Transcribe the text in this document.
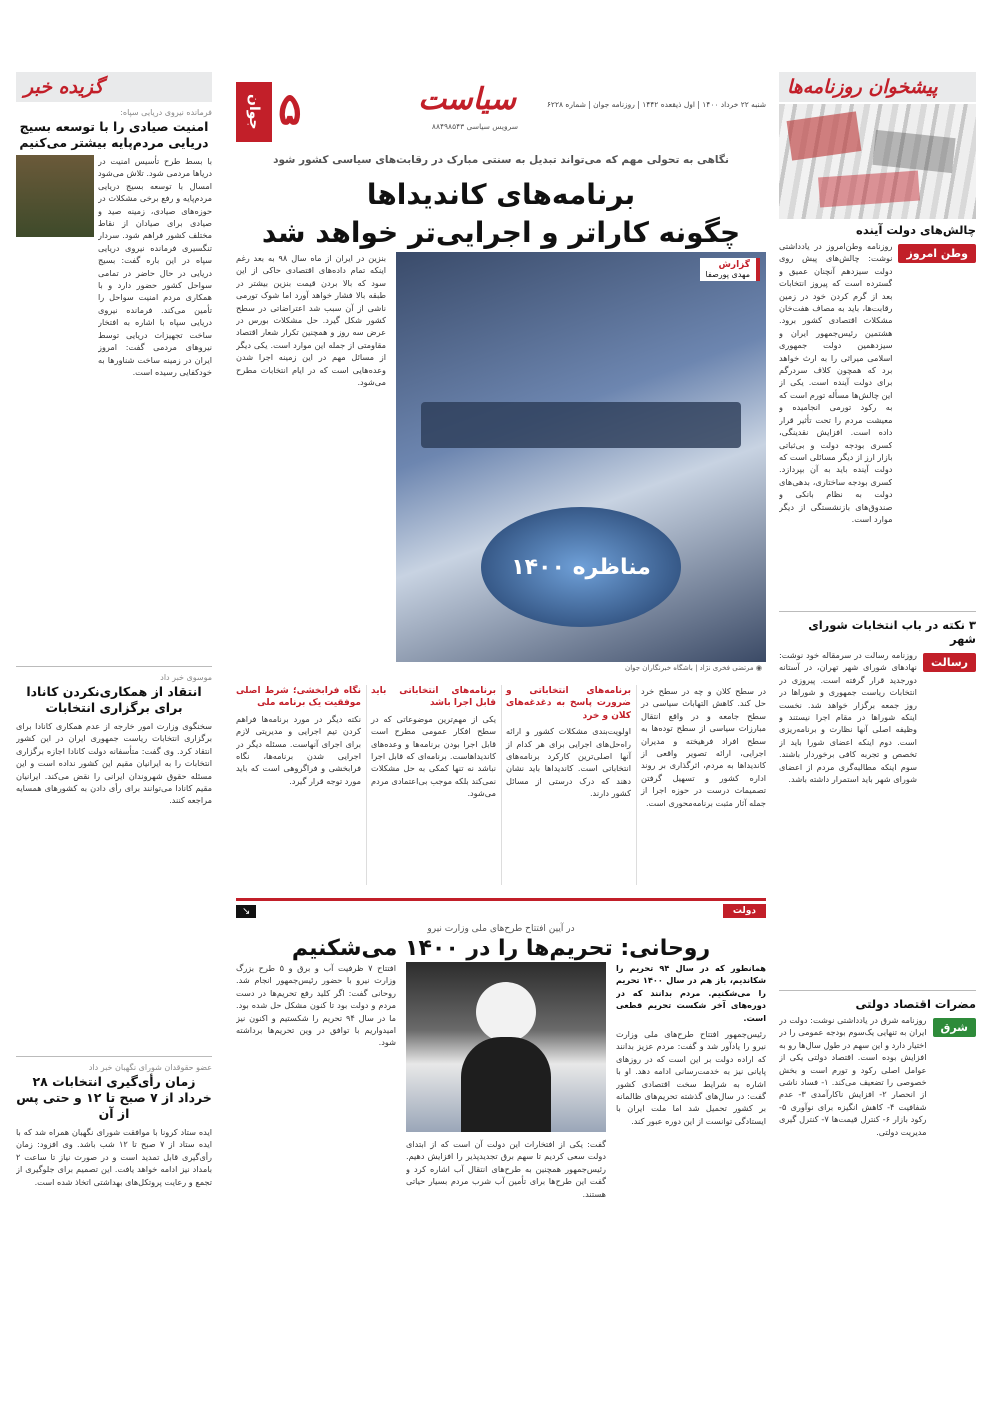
پیشخوان روزنامه‌ها
چالش‌های دولت آینده
وطن امروز
روزنامه وطن‌امروز در یادداشتی نوشت: چالش‌های پیش روی دولت سیزدهم آنچنان عمیق و گسترده است که پیروز انتخابات بعد از گرم کردن خود در زمین رقابت‌ها، باید به مصاف هفت‌خان مشکلات اقتصادی کشور برود. هشتمین رئیس‌جمهور ایران و سیزدهمین دولت جمهوری اسلامی میراثی را به ارث خواهد برد که همچون کلاف سردرگم برای دولت آینده است. یکی از این چالش‌ها مسأله تورم است که به رکود تورمی انجامیده و معیشت مردم را تحت تأثیر قرار داده است. افزایش نقدینگی، کسری بودجه دولت و بی‌ثباتی بازار ارز از دیگر مسائلی است که دولت آینده باید به آن بپردازد. کسری بودجه ساختاری، بدهی‌های دولت به نظام بانکی و صندوق‌های بازنشستگی از دیگر موارد است.
۳ نکته در باب انتخابات شورای شهر
رسالت
روزنامه رسالت در سرمقاله خود نوشت: نهادهای شورای شهر تهران، در آستانه دورجدید قرار گرفته است. پیروزی در انتخابات ریاست جمهوری و شوراها در روز جمعه برگزار خواهد شد. نخست اینکه شوراها در مقام اجرا نیستند و وظیفه اصلی آنها نظارت و برنامه‌ریزی است. دوم اینکه اعضای شورا باید از تخصص و تجربه کافی برخوردار باشند. سوم اینکه مطالبه‌گری مردم از اعضای شورای شهر باید استمرار داشته باشد.
مضرات اقتصاد دولتی
شرق
روزنامه شرق در یادداشتی نوشت: دولت در ایران به تنهایی یک‌سوم بودجه عمومی را در اختیار دارد و این سهم در طول سال‌ها رو به افزایش بوده است. اقتصاد دولتی یکی از عوامل اصلی رکود و تورم است و بخش خصوصی را تضعیف می‌کند. ۱- فساد ناشی از انحصار ۲- افزایش ناکارآمدی ۳- عدم شفافیت ۴- کاهش انگیزه برای نوآوری ۵- رکود بازار ۶- کنترل قیمت‌ها ۷- کنترل گیری مدیریت دولتی.
شنبه ۲۲ خرداد ۱۴۰۰ | اول ذیقعده ۱۴۴۲ | روزنامه جوان | شماره ۶۲۲۸
سیاست
سرویس سیاسی ۸۸۴۹۸۵۴۳
۵
جوان
نگاهی به تحولی مهم که می‌تواند تبدیل به سنتی مبارک در رقابت‌های سیاسی کشور شود
برنامه‌های کاندیداها
چگونه کاراتر و اجرایی‌تر خواهد شد
گزارش
مهدی پورصفا
مناظره ۱۴۰۰
◉ مرتضی فخری نژاد | باشگاه خبرنگاران جوان
بنزین در ایران از ماه سال ۹۸ به بعد رغم اینکه تمام داده‌های اقتصادی حاکی از این سود که بالا بردن قیمت بنزین بیشتر در طبقه بالا فشار خواهد آورد اما شوک تورمی ناشی از آن سبب شد اعتراضاتی در سطح کشور شکل گیرد. حل مشکلات بورس در عرض سه روز و همچنین تکرار شعار اقتصاد مقاومتی از جمله این موارد است. یکی دیگر از مسائل مهم در این زمینه اجرا شدن وعده‌هایی است که در ایام انتخابات مطرح می‌شود.
در سطح کلان و چه در سطح خرد حل کند. کاهش التهابات سیاسی در سطح جامعه و در واقع انتقال مبارزات سیاسی از سطح توده‌ها به سطح افراد فرهیخته و مدیران اجرایی، ارائه تصویر واقعی از کاندیداها به مردم، اثرگذاری بر روند اداره کشور و تسهیل گرفتن تصمیمات درست در حوزه اجرا از جمله آثار مثبت برنامه‌محوری است.
برنامه‌های انتخاباتی و ضرورت پاسخ به دغدغه‌های کلان و خرد
اولویت‌بندی مشکلات کشور و ارائه راه‌حل‌های اجرایی برای هر کدام از آنها اصلی‌ترین کارکرد برنامه‌های انتخاباتی است. کاندیداها باید نشان دهند که درک درستی از مسائل کشور دارند.
برنامه‌های انتخاباتی باید قابل اجرا باشد
یکی از مهم‌ترین موضوعاتی که در سطح افکار عمومی مطرح است قابل اجرا بودن برنامه‌ها و وعده‌های کاندیداهاست. برنامه‌ای که قابل اجرا نباشد نه تنها کمکی به حل مشکلات نمی‌کند بلکه موجب بی‌اعتمادی مردم می‌شود.
نگاه فرابخشی؛ شرط اصلی موفقیت یک برنامه ملی
نکته دیگر در مورد برنامه‌ها فراهم کردن تیم اجرایی و مدیریتی لازم برای اجرای آنهاست. مسئله دیگر در اجرایی شدن برنامه‌ها، نگاه فرابخشی و فراگروهی است که باید مورد توجه قرار گیرد.
دولت
↘
در آیین افتتاح طرح‌های ملی وزارت نیرو
روحانی: تحریم‌ها را در ۱۴۰۰ می‌شکنیم
همانطور که در سال ۹۴ تحریم را شکاندیم، باز هم در سال ۱۴۰۰ تحریم را می‌شکنیم. مردم بدانند که در دوره‌های آخر شکست تحریم قطعی است.
رئیس‌جمهور افتتاح طرح‌های ملی وزارت نیرو را یادآور شد و گفت: مردم عزیز بدانند که اراده دولت بر این است که در روزهای پایانی نیز به خدمت‌رسانی ادامه دهد. او با اشاره به شرایط سخت اقتصادی کشور گفت: در سال‌های گذشته تحریم‌های ظالمانه بر کشور تحمیل شد اما ملت ایران با ایستادگی توانست از این دوره عبور کند.
گفت: یکی از افتخارات این دولت آن است که از ابتدای دولت سعی کردیم تا سهم برق تجدیدپذیر را افزایش دهیم. رئیس‌جمهور همچنین به طرح‌های انتقال آب اشاره کرد و گفت این طرح‌ها برای تأمین آب شرب مردم بسیار حیاتی هستند.
افتتاح ۷ ظرفیت آب و برق و ۵ طرح بزرگ وزارت نیرو با حضور رئیس‌جمهور انجام شد. روحانی گفت: اگر کلید رفع تحریم‌ها در دست مردم و دولت بود تا کنون مشکل حل شده بود. ما در سال ۹۴ تحریم را شکستیم و اکنون نیز امیدواریم با توافق در وین تحریم‌ها برداشته شود.
گزیده خبر
فرمانده نیروی دریایی سپاه:
امنیت صیادی را با توسعه بسیج دریایی مردم‌پایه بیشتر می‌کنیم
با بسط طرح تأسیس امنیت در دریاها مردمی شود. تلاش می‌شود امسال با توسعه بسیج دریایی مردم‌پایه و رفع برخی مشکلات در حوزه‌های صیادی، زمینه صید و صیادی برای صیادان از نقاط مختلف کشور فراهم شود. سردار تنگسیری فرمانده نیروی دریایی سپاه در این باره گفت: بسیج دریایی در حال حاضر در تمامی سواحل کشور حضور دارد و با همکاری مردم امنیت سواحل را تأمین می‌کند. فرمانده نیروی دریایی سپاه با اشاره به افتخار ساخت تجهیزات دریایی توسط نیروهای مردمی گفت: امروز ایران در زمینه ساخت شناورها به خودکفایی رسیده است.
موسوی خبر داد
انتقاد از همکاری‌نکردن کانادا برای برگزاری انتخابات
سخنگوی وزارت امور خارجه از عدم همکاری کانادا برای برگزاری انتخابات ریاست جمهوری ایران در این کشور انتقاد کرد. وی گفت: متأسفانه دولت کانادا اجازه برگزاری انتخابات را به ایرانیان مقیم این کشور نداده است و این مسئله حقوق شهروندان ایرانی را نقض می‌کند. ایرانیان مقیم کانادا می‌توانند برای رأی دادن به کشورهای همسایه مراجعه کنند.
عضو حقوقدان شورای نگهبان خبر داد
زمان رأی‌گیری انتخابات ۲۸ خرداد از ۷ صبح تا ۱۲ و حتی پس از آن
ایده ستاد کرونا با موافقت شورای نگهبان همراه شد که با ایده ستاد از ۷ صبح تا ۱۲ شب باشد. وی افزود: زمان رأی‌گیری قابل تمدید است و در صورت نیاز تا ساعت ۲ بامداد نیز ادامه خواهد یافت. این تصمیم برای جلوگیری از تجمع و رعایت پروتکل‌های بهداشتی اتخاذ شده است.
